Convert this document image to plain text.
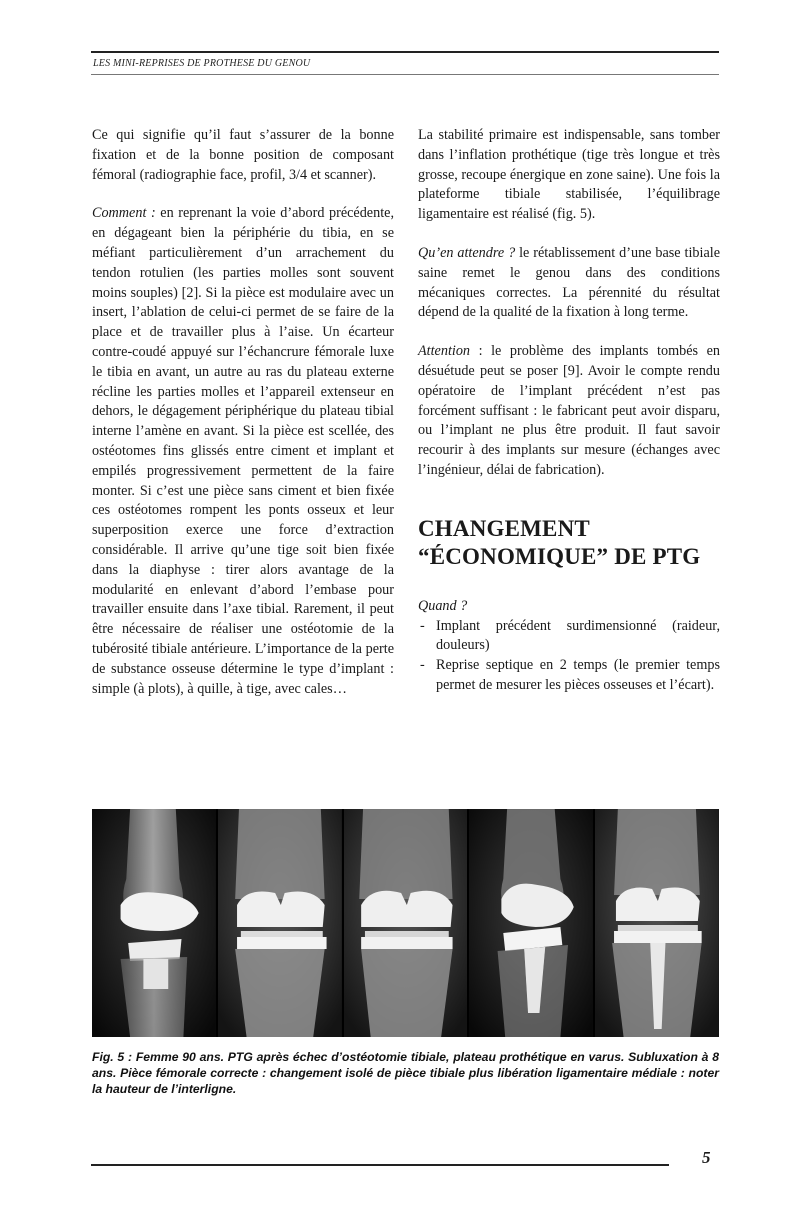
LES MINI-REPRISES DE PROTHESE DU GENOU

Ce qui signifie qu’il faut s’assurer de la bonne fixation et de la bonne position de composant fémoral (radiographie face, profil, 3/4 et scanner).

Comment : en reprenant la voie d’abord précédente, en dégageant bien la périphérie du tibia, en se méfiant particulièrement d’un arrachement du tendon rotulien (les parties molles sont souvent moins souples) [2]. Si la pièce est modulaire avec un insert, l’ablation de celui-ci permet de se faire de la place et de travailler plus à l’aise. Un écarteur contre-coudé appuyé sur l’échancrure fémorale luxe le tibia en avant, un autre au ras du plateau externe récline les parties molles et l’appareil extenseur en dehors, le dégagement périphérique du plateau tibial interne l’amène en avant. Si la pièce est scellée, des ostéotomes fins glissés entre ciment et implant et empilés progressivement permettent de la faire monter. Si c’est une pièce sans ciment et bien fixée ces ostéotomes rompent les ponts osseux et leur superposition exerce une force d’extraction considérable. Il arrive qu’une tige soit bien fixée dans la diaphyse : tirer alors avantage de la modularité en enlevant d’abord l’embase pour travailler ensuite dans l’axe tibial. Rarement, il peut être nécessaire de réaliser une ostéotomie de la tubérosité tibiale antérieure. L’importance de la perte de substance osseuse détermine le type d’implant : simple (à plots), à quille, à tige, avec cales…

La stabilité primaire est indispensable, sans tomber dans l’inflation prothétique (tige très longue et très grosse, recoupe énergique en zone saine). Une fois la plateforme tibiale stabilisée, l’équilibrage ligamentaire est réalisé (fig. 5).

Qu’en attendre ? le rétablissement d’une base tibiale saine remet le genou dans des conditions mécaniques correctes. La pérennité du résultat dépend de la qualité de la fixation à long terme.

Attention : le problème des implants tombés en désuétude peut se poser [9]. Avoir le compte rendu opératoire de l’implant précédent n’est pas forcément suffisant : le fabricant peut avoir disparu, ou l’implant ne plus être produit. Il faut savoir recourir à des implants sur mesure (échanges avec l’ingénieur, délai de fabrication).

CHANGEMENT
“ÉCONOMIQUE” DE PTG
Quand ?
- Implant précédent surdimensionné (raideur, douleurs)
- Reprise septique en 2 temps (le premier temps permet de mesurer les pièces osseuses et l’écart).
Fig. 5 : Femme 90 ans. PTG après échec d’ostéotomie tibiale, plateau prothétique en varus. Subluxation à 8 ans. Pièce fémorale correcte : changement isolé de pièce tibiale plus libération ligamentaire médiale : noter la hauteur de l’interligne.
5
